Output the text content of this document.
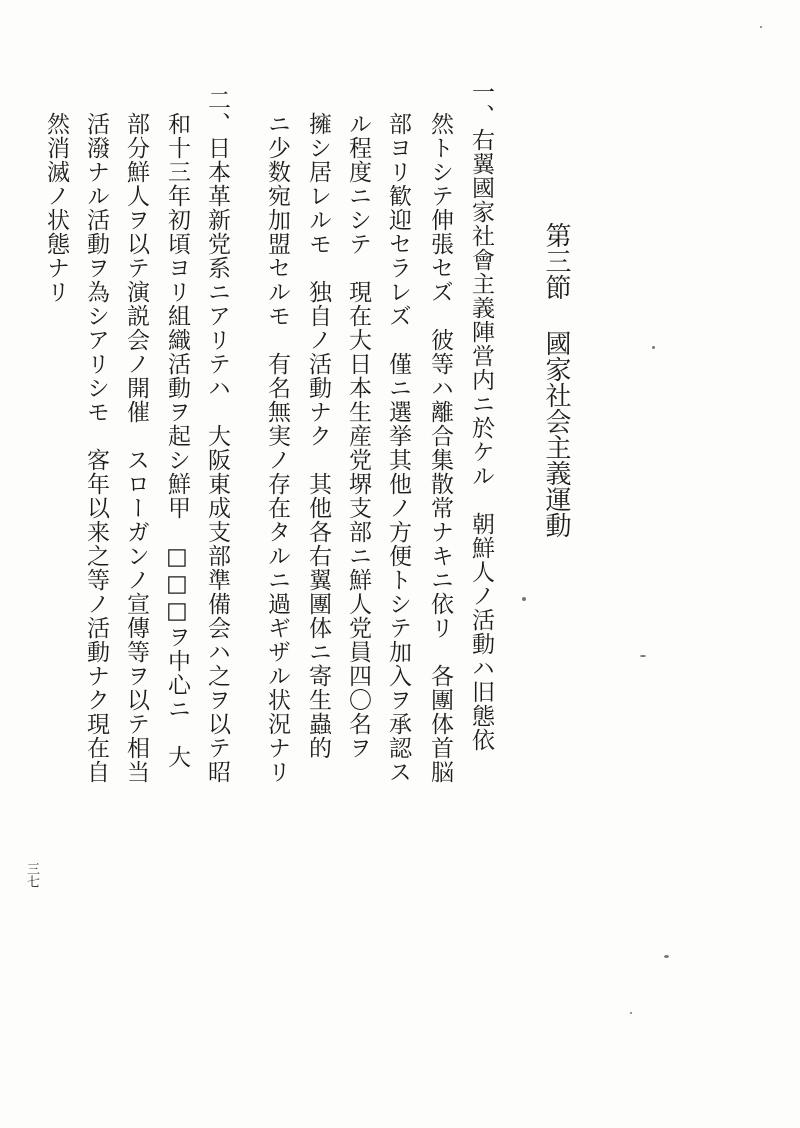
第三節國家社会主義運動
一、右翼國家社會主義陣営内ニ於ケル　朝鮮人ノ活動ハ旧態依
然トシテ伸張セズ　彼等ハ離合集散常ナキニ依リ　各團体首脳
部ヨリ歓迎セラレズ　僅ニ選挙其他ノ方便トシテ加入ヲ承認ス
ル程度ニシテ　現在大日本生産党堺支部ニ鮮人党員四〇名ヲ
擁シ居レルモ　独自ノ活動ナク　其他各右翼團体ニ寄生蟲的
ニ少数宛加盟セルモ　有名無実ノ存在タルニ過ギザル状況ナリ
二、日本革新党系ニアリテハ　大阪東成支部準備会ハ之ヲ以テ昭
和十三年初頃ヨリ組織活動ヲ起シ鮮甲　□□□ヲ中心ニ　大
部分鮮人ヲ以テ演説会ノ開催　スローガンノ宣傳等ヲ以テ相当
活潑ナル活動ヲ為シアリシモ　客年以来之等ノ活動ナク現在自
然消滅ノ状態ナリ
三七
